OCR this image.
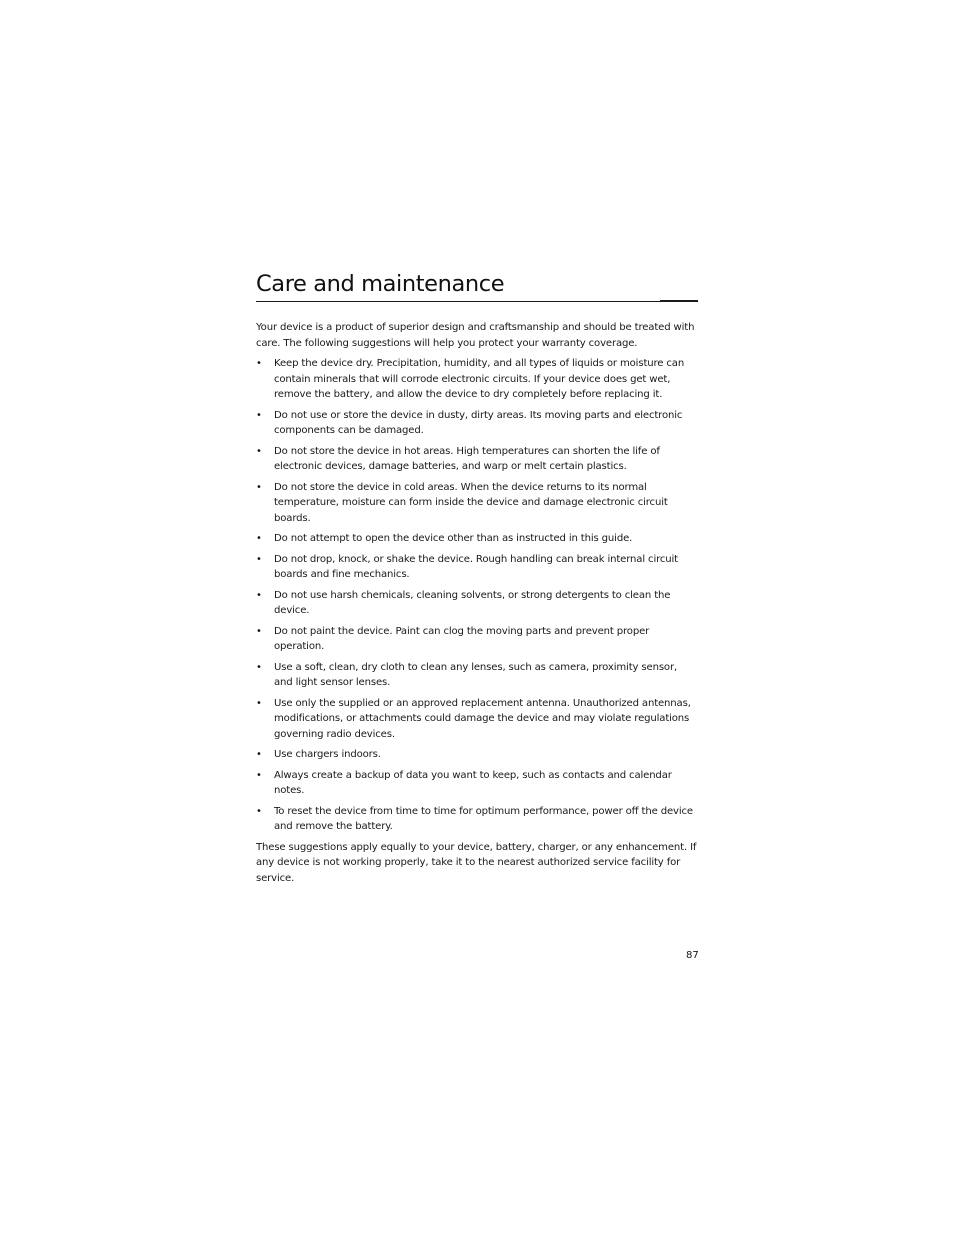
Care and maintenance

Your device is a product of superior design and craftsmanship and should be treated with care. The following suggestions will help you protect your warranty coverage.

•	Keep the device dry. Precipitation, humidity, and all types of liquids or moisture can contain minerals that will corrode electronic circuits. If your device does get wet, remove the battery, and allow the device to dry completely before replacing it.
•	Do not use or store the device in dusty, dirty areas. Its moving parts and electronic components can be damaged.
•	Do not store the device in hot areas. High temperatures can shorten the life of electronic devices, damage batteries, and warp or melt certain plastics.
•	Do not store the device in cold areas. When the device returns to its normal temperature, moisture can form inside the device and damage electronic circuit boards.
•	Do not attempt to open the device other than as instructed in this guide.
•	Do not drop, knock, or shake the device. Rough handling can break internal circuit boards and fine mechanics.
•	Do not use harsh chemicals, cleaning solvents, or strong detergents to clean the device.
•	Do not paint the device. Paint can clog the moving parts and prevent proper operation.
•	Use a soft, clean, dry cloth to clean any lenses, such as camera, proximity sensor, and light sensor lenses.
•	Use only the supplied or an approved replacement antenna. Unauthorized antennas, modifications, or attachments could damage the device and may violate regulations governing radio devices.
•	Use chargers indoors.
•	Always create a backup of data you want to keep, such as contacts and calendar notes.
•	To reset the device from time to time for optimum performance, power off the device and remove the battery.

These suggestions apply equally to your device, battery, charger, or any enhancement. If any device is not working properly, take it to the nearest authorized service facility for service.

87
